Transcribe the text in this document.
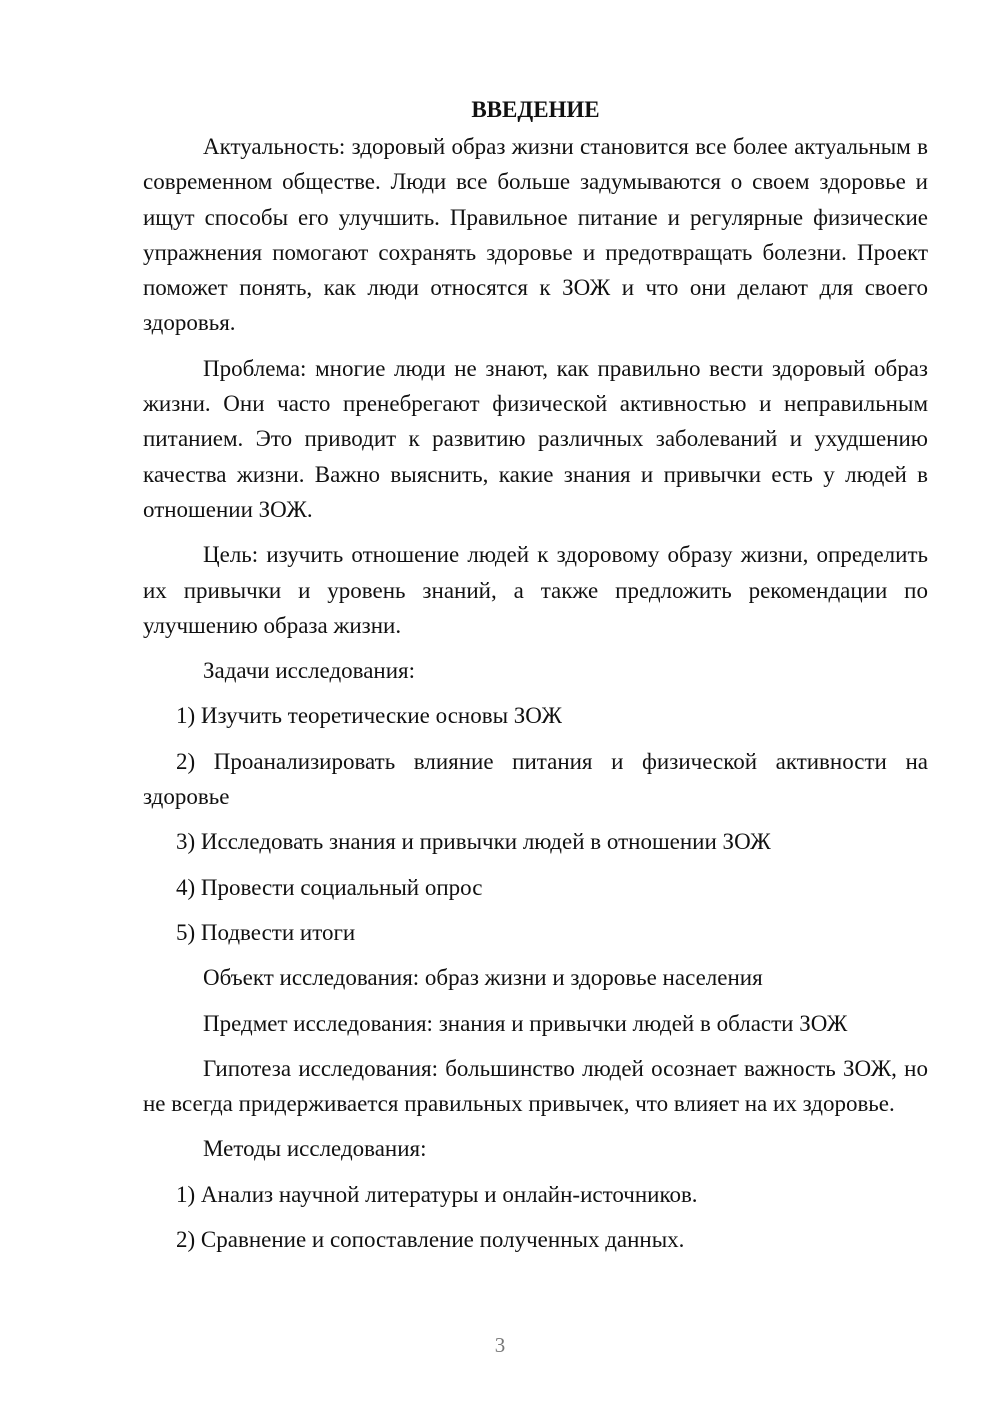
ВВЕДЕНИЕ

Актуальность: здоровый образ жизни становится все более актуальным в современном обществе. Люди все больше задумываются о своем здоровье и ищут способы его улучшить. Правильное питание и регулярные физические упражнения помогают сохранять здоровье и предотвращать болезни. Проект поможет понять, как люди относятся к ЗОЖ и что они делают для своего здоровья.

Проблема: многие люди не знают, как правильно вести здоровый образ жизни. Они часто пренебрегают физической активностью и неправильным питанием. Это приводит к развитию различных заболеваний и ухудшению качества жизни. Важно выяснить, какие знания и привычки есть у людей в отношении ЗОЖ.

Цель: изучить отношение людей к здоровому образу жизни, определить их привычки и уровень знаний, а также предложить рекомендации по улучшению образа жизни.

Задачи исследования:

1) Изучить теоретические основы ЗОЖ

2) Проанализировать влияние питания и физической активности на здоровье

3) Исследовать знания и привычки людей в отношении ЗОЖ

4) Провести социальный опрос

5) Подвести итоги

Объект исследования: образ жизни и здоровье населения

Предмет исследования: знания и привычки людей в области ЗОЖ

Гипотеза исследования: большинство людей осознает важность ЗОЖ, но не всегда придерживается правильных привычек, что влияет на их здоровье.

Методы исследования:

1) Анализ научной литературы и онлайн-источников.

2) Сравнение и сопоставление полученных данных.

3
